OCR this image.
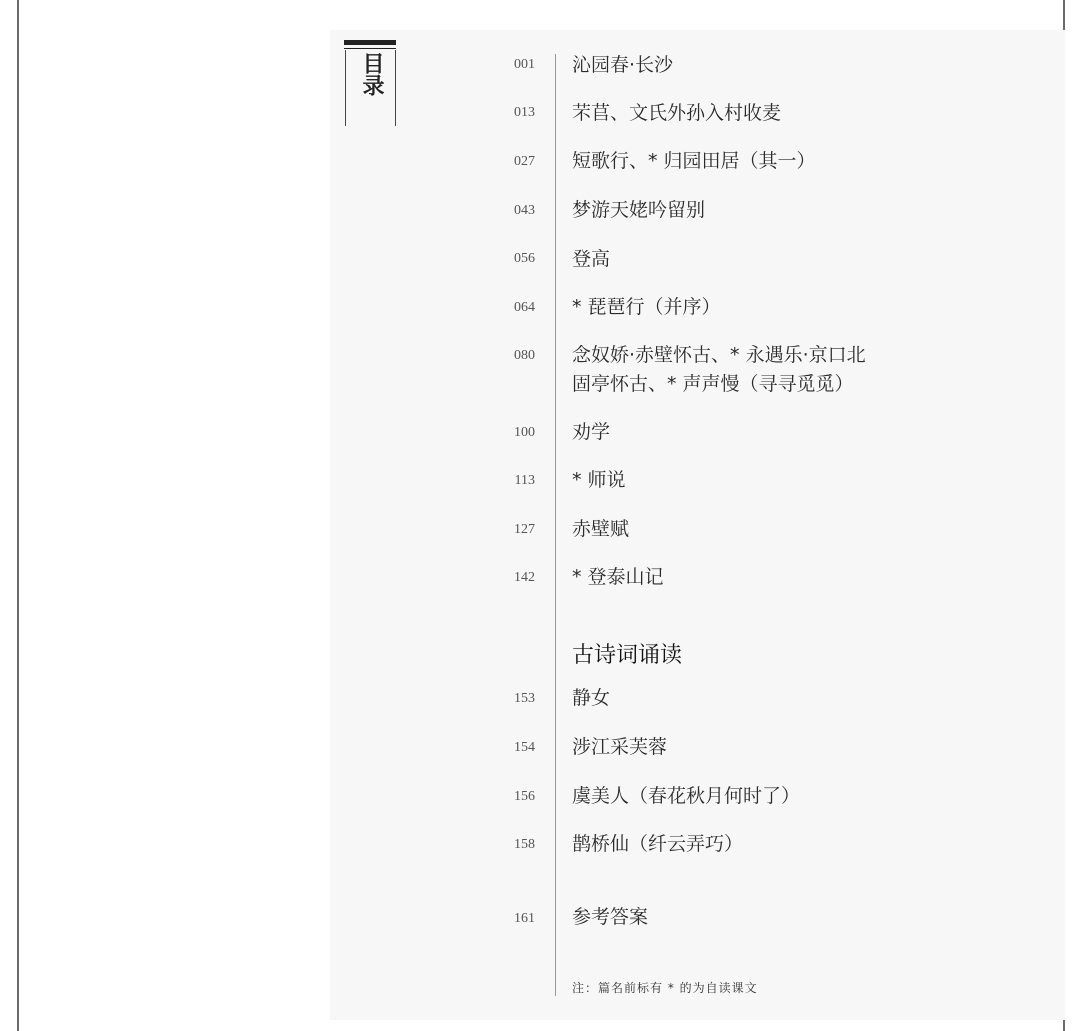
目录	001 沁园春·长沙
013 芣苢、文氏外孙入村收麦
027 短歌行、* 归园田居（其一）
043 梦游天姥吟留别
056 登高
064 * 琵琶行（并序）
080 念奴娇·赤壁怀古、* 永遇乐·京口北
固亭怀古、* 声声慢（寻寻觅觅）
100 劝学
113 * 师说
127 赤壁赋
142 * 登泰山记
古诗词诵读
153 静女
154 涉江采芙蓉
156 虞美人（春花秋月何时了）
158 鹊桥仙（纤云弄巧）
161 参考答案
注：篇名前标有 * 的为自读课文
